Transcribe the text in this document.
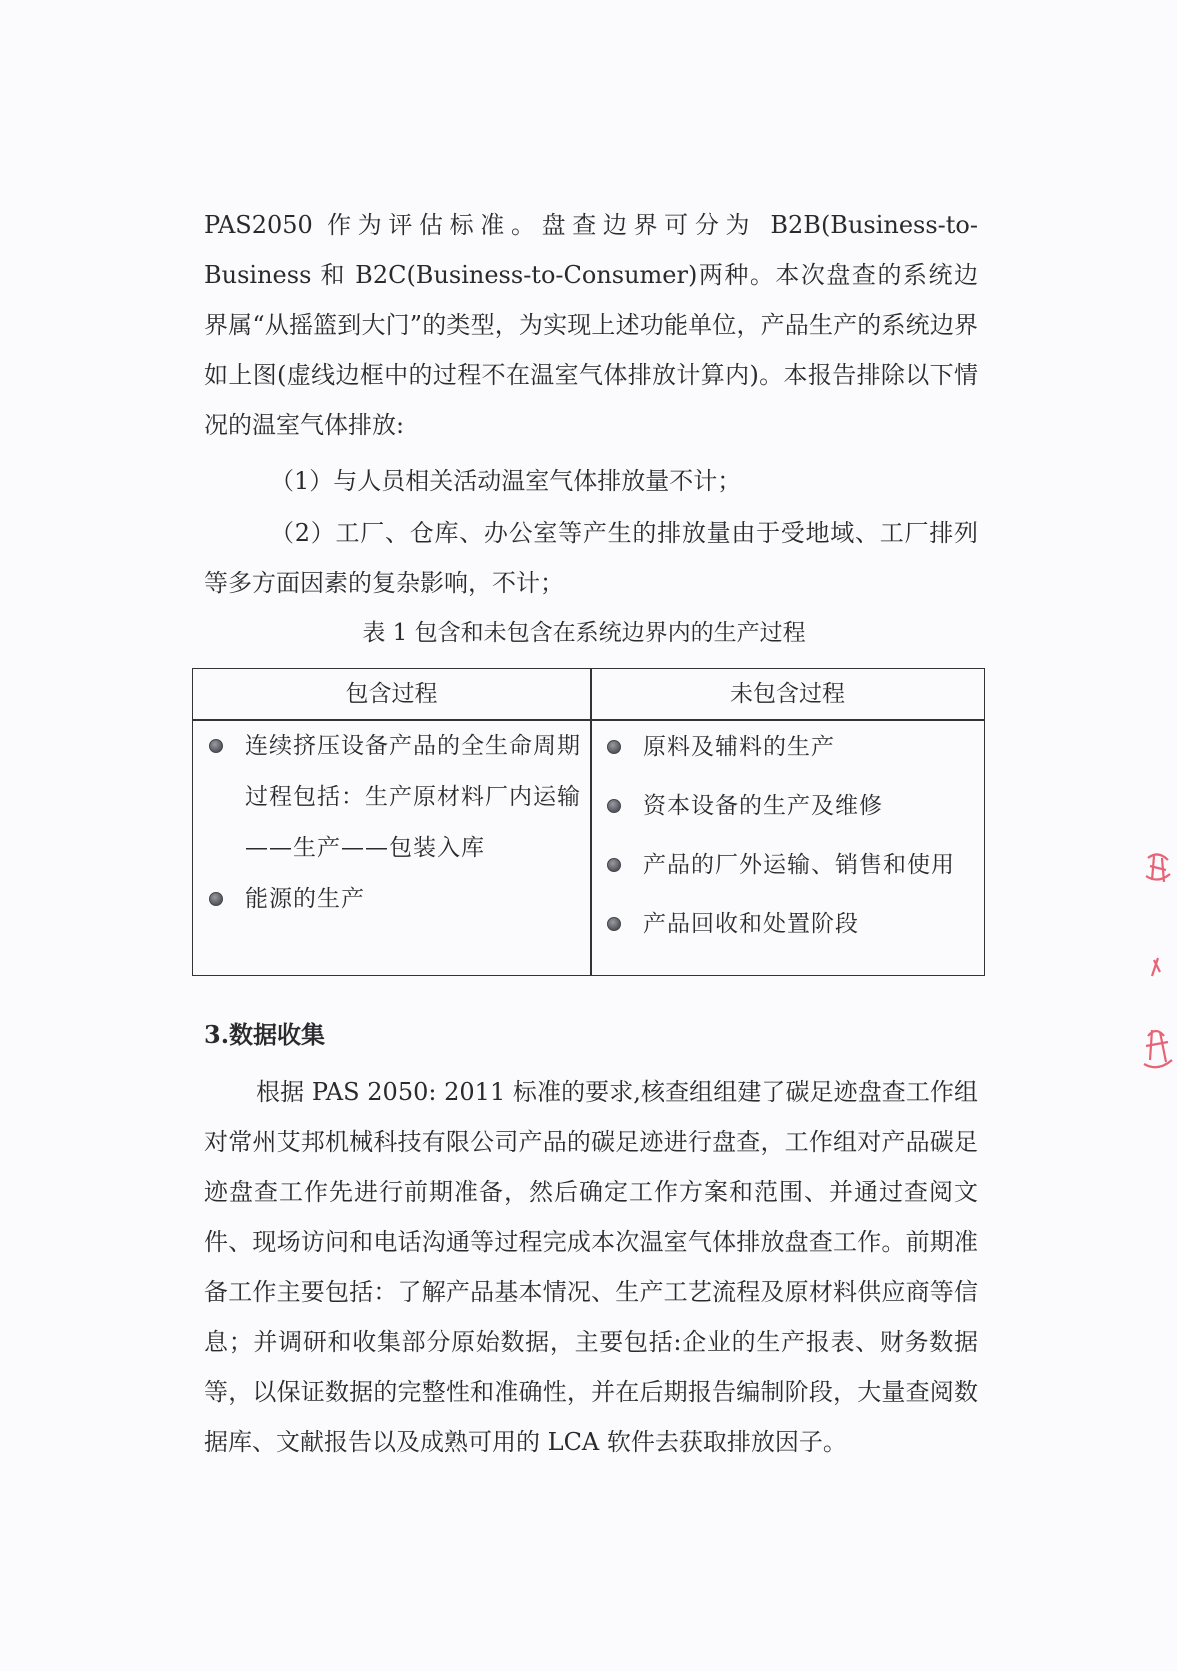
PAS2050 作为评估标准。盘查边界可分为 B2B(Business-to-Business 和 B2C(Business-to-Consumer)两种。本次盘查的系统边界属“从摇篮到大门”的类型，为实现上述功能单位，产品生产的系统边界如上图(虚线边框中的过程不在温室气体排放计算内)。本报告排除以下情况的温室气体排放:

（1）与人员相关活动温室气体排放量不计；

（2）工厂、仓库、办公室等产生的排放量由于受地域、工厂排列等多方面因素的复杂影响，不计；

表 1 包含和未包含在系统边界内的生产过程

包含过程	未包含过程

连续挤压设备产品的全生命周期过程包括：生产原材料厂内运输——生产——包装入库

能源的生产

原料及辅料的生产

资本设备的生产及维修

产品的厂外运输、销售和使用

产品回收和处置阶段

3.数据收集

根据 PAS 2050: 2011 标准的要求,核查组组建了碳足迹盘查工作组对常州艾邦机械科技有限公司产品的碳足迹进行盘查，工作组对产品碳足迹盘查工作先进行前期准备，然后确定工作方案和范围、并通过查阅文件、现场访问和电话沟通等过程完成本次温室气体排放盘查工作。前期准备工作主要包括：了解产品基本情况、生产工艺流程及原材料供应商等信息；并调研和收集部分原始数据，主要包括:企业的生产报表、财务数据等，以保证数据的完整性和准确性，并在后期报告编制阶段，大量查阅数据库、文献报告以及成熟可用的 LCA 软件去获取排放因子。
